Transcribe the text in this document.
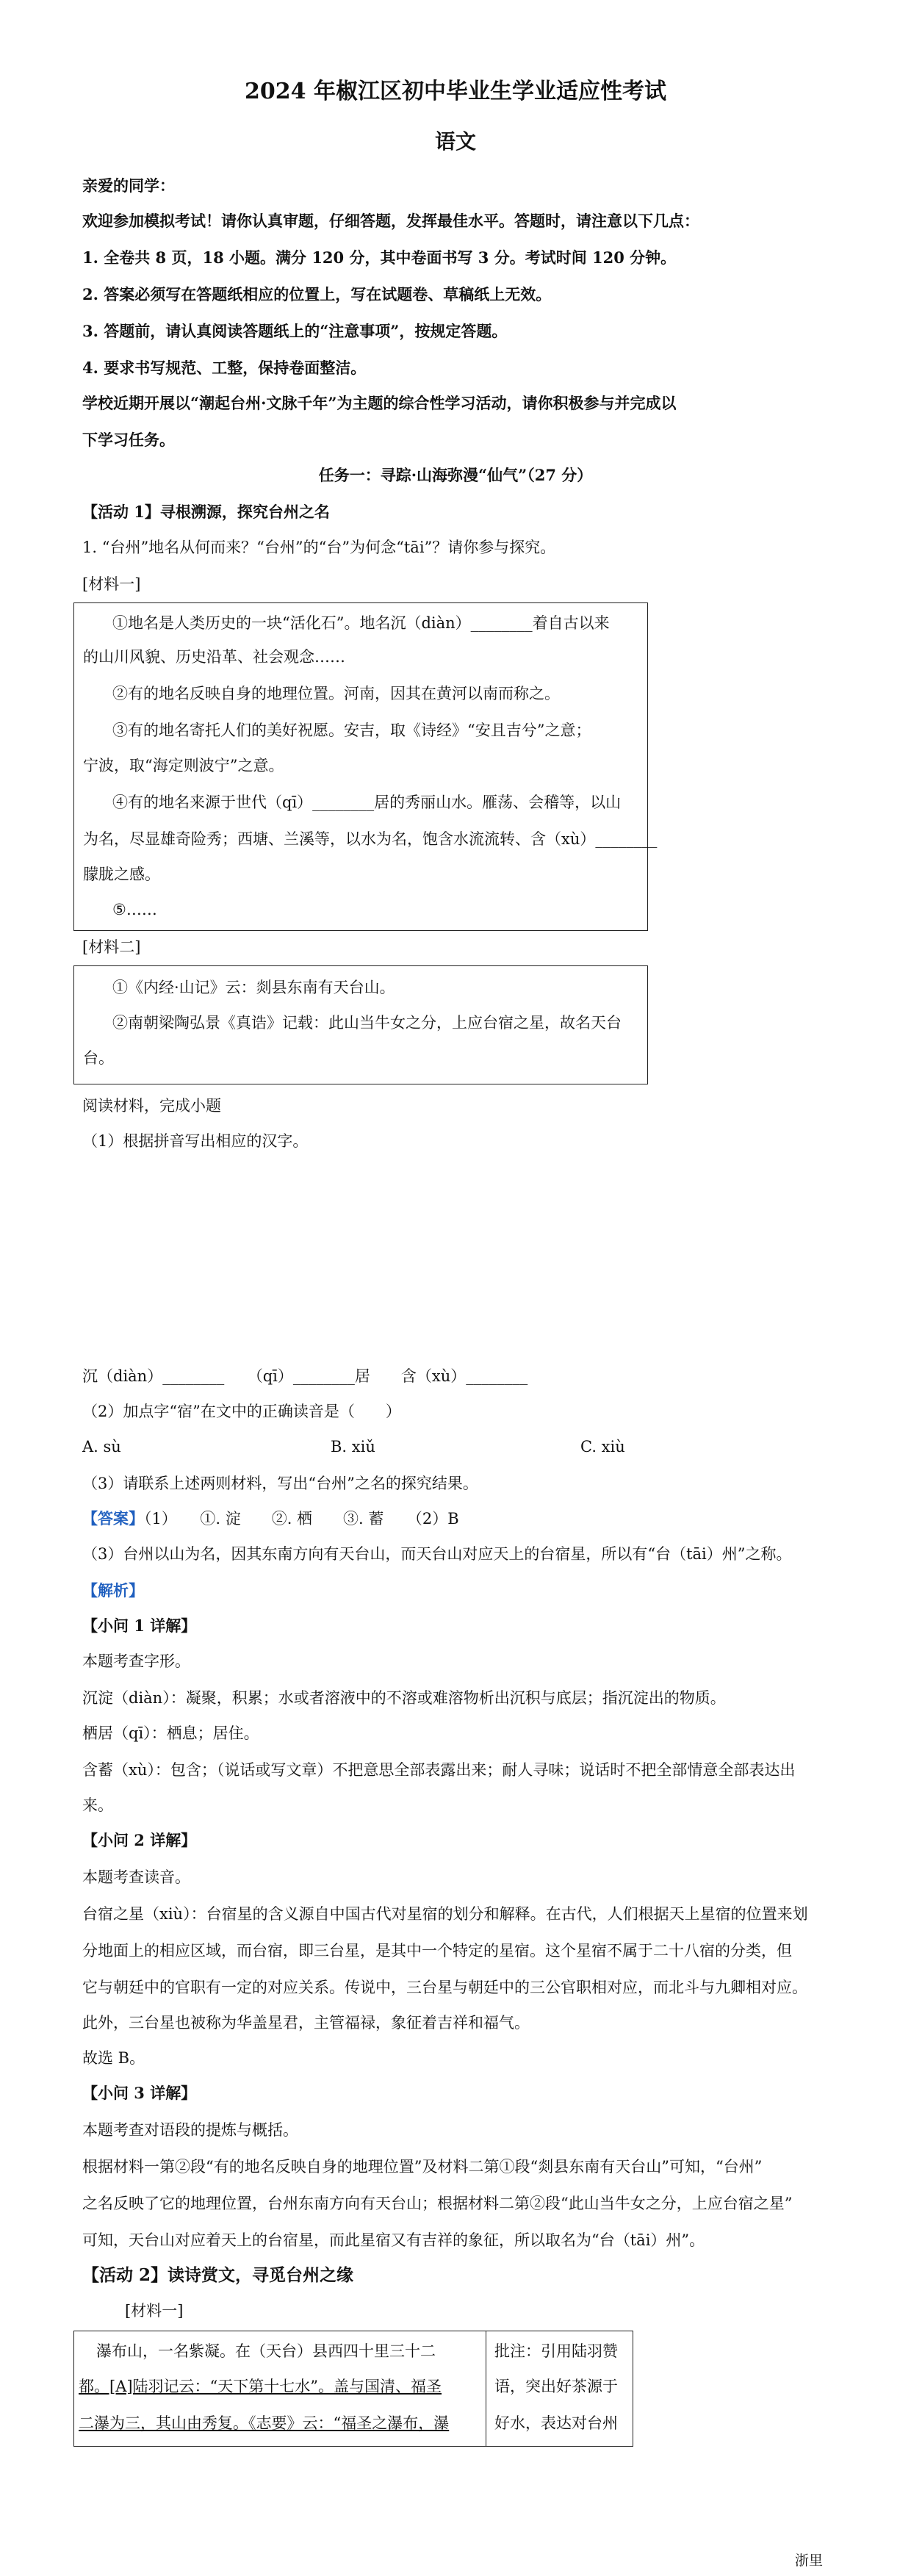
2024 年椒江区初中毕业生学业适应性考试
语文
亲爱的同学：
欢迎参加模拟考试！请你认真审题，仔细答题，发挥最佳水平。答题时，请注意以下几点：
1. 全卷共 8 页，18 小题。满分 120 分，其中卷面书写 3 分。考试时间 120 分钟。
2. 答案必须写在答题纸相应的位置上，写在试题卷、草稿纸上无效。
3. 答题前，请认真阅读答题纸上的“注意事项”，按规定答题。
4. 要求书写规范、工整，保持卷面整洁。
学校近期开展以“潮起台州·文脉千年”为主题的综合性学习活动，请你积极参与并完成以
下学习任务。
任务一：寻踪·山海弥漫“仙气”（27 分）
【活动 1】寻根溯源，探究台州之名
1. “台州”地名从何而来？“台州”的“台”为何念“tāi”？请你参与探究。
[材料一]
①地名是人类历史的一块“活化石”。地名沉（diàn）________着自古以来
的山川风貌、历史沿革、社会观念……
②有的地名反映自身的地理位置。河南，因其在黄河以南而称之。
③有的地名寄托人们的美好祝愿。安吉，取《诗经》“安且吉兮”之意；
宁波，取“海定则波宁”之意。
④有的地名来源于世代（qī）________居的秀丽山水。雁荡、会稽等，以山
为名，尽显雄奇险秀；西塘、兰溪等，以水为名，饱含水流流转、含（xù）________
朦胧之感。
⑤……
[材料二]
①《内经·山记》云：剡县东南有天台山。
②南朝梁陶弘景《真诰》记载：此山当牛女之分，上应台宿之星，故名天台
台。
阅读材料，完成小题
（1）根据拼音写出相应的汉字。
沉（diàn）________　　（qī）________居　　含（xù）________
（2）加点字“宿”在文中的正确读音是（　　）
A. sù	B. xiǔ	C. xiù
（3）请联系上述两则材料，写出“台州”之名的探究结果。
【答案】（1）　　①. 淀　　②. 栖　　③. 蓄　　（2）B
（3）台州以山为名，因其东南方向有天台山，而天台山对应天上的台宿星，所以有“台（tāi）州”之称。
【解析】
【小问 1 详解】
本题考查字形。
沉淀（diàn）：凝聚，积累；水或者溶液中的不溶或难溶物析出沉积与底层；指沉淀出的物质。
栖居（qī）：栖息；居住。
含蓄（xù）：包含；（说话或写文章）不把意思全部表露出来；耐人寻味；说话时不把全部情意全部表达出
来。
【小问 2 详解】
本题考查读音。
台宿之星（xiù）：台宿星的含义源自中国古代对星宿的划分和解释。在古代，人们根据天上星宿的位置来划
分地面上的相应区域，而台宿，即三台星，是其中一个特定的星宿。这个星宿不属于二十八宿的分类，但
它与朝廷中的官职有一定的对应关系。传说中，三台星与朝廷中的三公官职相对应，而北斗与九卿相对应。
此外，三台星也被称为华盖星君，主管福禄，象征着吉祥和福气。
故选 B。
【小问 3 详解】
本题考查对语段的提炼与概括。
根据材料一第②段“有的地名反映自身的地理位置”及材料二第①段“剡县东南有天台山”可知，“台州”
之名反映了它的地理位置，台州东南方向有天台山；根据材料二第②段“此山当牛女之分，上应台宿之星”
可知，天台山对应着天上的台宿星，而此星宿又有吉祥的象征，所以取名为“台（tāi）州”。
【活动 2】读诗赏文，寻觅台州之缘
[材料一]
瀑布山，一名紫凝。在（天台）县西四十里三十二
都。[A]陆羽记云：“天下第十七水”。盖与国清、福圣
二瀑为三，其山由秀复。《志要》云：“福圣之瀑布，瀑
批注：引用陆羽赞
语，突出好茶源于
好水，表达对台州
浙里
